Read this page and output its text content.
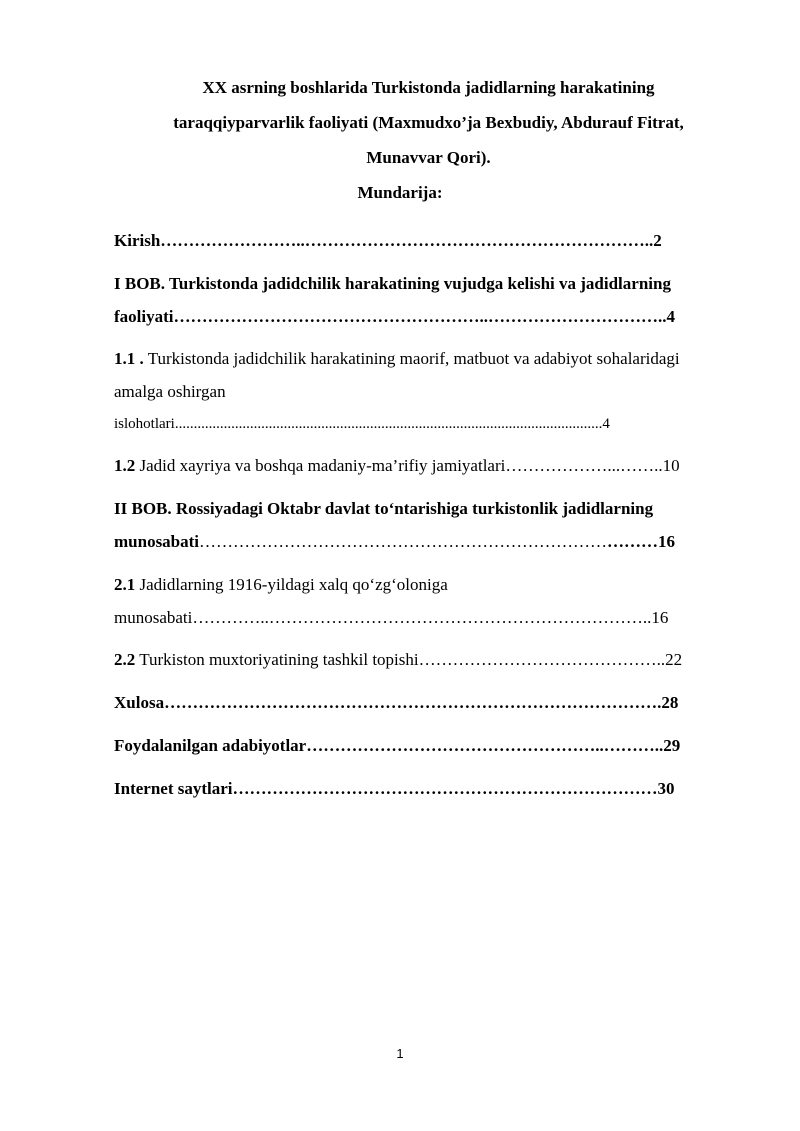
XX asrning boshlarida Turkistonda jadidlarning harakatining
taraqqiyparvarlik faoliyati (Maxmudxo’ja Bexbudiy, Abdurauf Fitrat,
Munavvar Qori).
Mundarija:
Kirish……………………..……………………………………………………..2
I BOB. Turkistonda jadidchilik harakatining vujudga kelishi va jadidlarning
faoliyati………………………………………………..…………………………..4
1.1 . Turkistonda jadidchilik harakatining maorif, matbuot va adabiyot sohalaridagi
amalga oshirgan
islohotlari..................................................................................................................4
1.2 Jadid xayriya va boshqa madaniy-ma’rifiy jamiyatlari………………...……..10
II BOB. Rossiyadagi Oktabr davlat to‘ntarishiga turkistonlik jadidlarning
munosabati………………………………………………………………………16
2.1 Jadidlarning 1916-yildagi xalq qo‘zg‘oloniga
munosabati…………..…………………………………………………………..16
2.2 Turkiston muxtoriyatining tashkil topishi……………………………………..22
Xulosa…………………………………………………………………………….28
Foydalanilgan adabiyotlar……………………………………………..………..29
Internet saytlari…………………………………………………………………30
1
